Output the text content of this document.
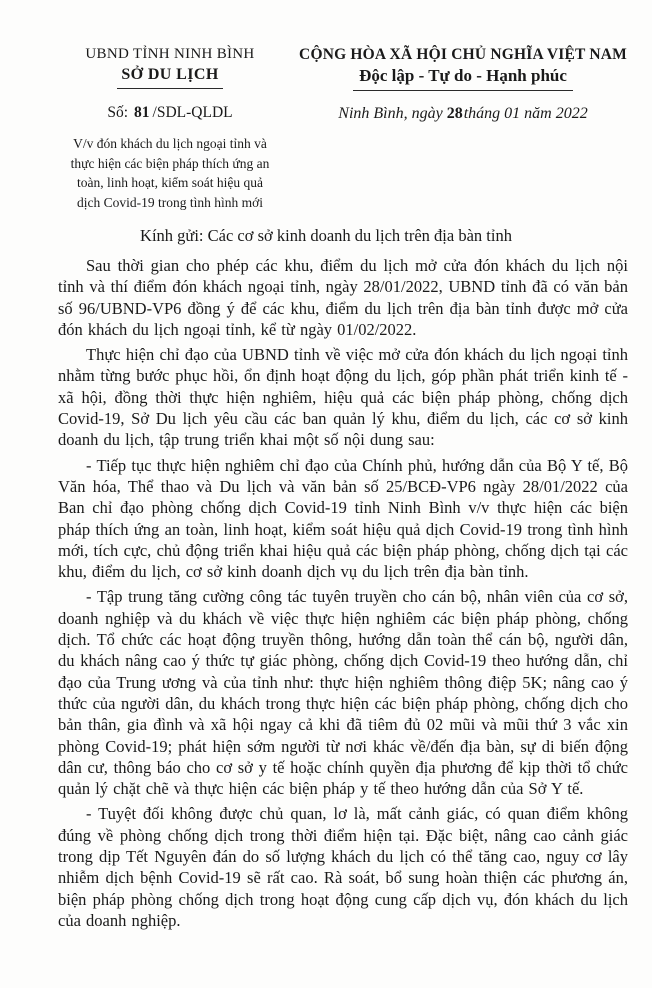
UBND TỈNH NINH BÌNH
SỞ DU LỊCH
Số: 81 /SDL-QLDL
V/v đón khách du lịch ngoại tỉnh và
thực hiện các biện pháp thích ứng an
toàn, linh hoạt, kiểm soát hiệu quả
dịch Covid-19 trong tình hình mới
CỘNG HÒA XÃ HỘI CHỦ NGHĨA VIỆT NAM
Độc lập - Tự do - Hạnh phúc
Ninh Bình, ngày 28tháng 01 năm 2022
Kính gửi: Các cơ sở kinh doanh du lịch trên địa bàn tỉnh
Sau thời gian cho phép các khu, điểm du lịch mở cửa đón khách du lịch nội tỉnh và thí điểm đón khách ngoại tỉnh, ngày 28/01/2022, UBND tỉnh đã có văn bản số 96/UBND-VP6 đồng ý để các khu, điểm du lịch trên địa bàn tỉnh được mở cửa đón khách du lịch ngoại tỉnh, kể từ ngày 01/02/2022.
Thực hiện chỉ đạo của UBND tỉnh về việc mở cửa đón khách du lịch ngoại tỉnh nhằm từng bước phục hồi, ổn định hoạt động du lịch, góp phần phát triển kinh tế - xã hội, đồng thời thực hiện nghiêm, hiệu quả các biện pháp phòng, chống dịch Covid-19, Sở Du lịch yêu cầu các ban quản lý khu, điểm du lịch, các cơ sở kinh doanh du lịch, tập trung triển khai một số nội dung sau:
- Tiếp tục thực hiện nghiêm chỉ đạo của Chính phủ, hướng dẫn của Bộ Y tế, Bộ Văn hóa, Thể thao và Du lịch và văn bản số 25/BCĐ-VP6 ngày 28/01/2022 của Ban chỉ đạo phòng chống dịch Covid-19 tỉnh Ninh Bình v/v thực hiện các biện pháp thích ứng an toàn, linh hoạt, kiểm soát hiệu quả dịch Covid-19 trong tình hình mới, tích cực, chủ động triển khai hiệu quả các biện pháp phòng, chống dịch tại các khu, điểm du lịch, cơ sở kinh doanh dịch vụ du lịch trên địa bàn tỉnh.
- Tập trung tăng cường công tác tuyên truyền cho cán bộ, nhân viên của cơ sở, doanh nghiệp và du khách về việc thực hiện nghiêm các biện pháp phòng, chống dịch. Tổ chức các hoạt động truyền thông, hướng dẫn toàn thể cán bộ, người dân, du khách nâng cao ý thức tự giác phòng, chống dịch Covid-19 theo hướng dẫn, chỉ đạo của Trung ương và của tỉnh như: thực hiện nghiêm thông điệp 5K; nâng cao ý thức của người dân, du khách trong thực hiện các biện pháp phòng, chống dịch cho bản thân, gia đình và xã hội ngay cả khi đã tiêm đủ 02 mũi và mũi thứ 3 vắc xin phòng Covid-19; phát hiện sớm người từ nơi khác về/đến địa bàn, sự di biến động dân cư, thông báo cho cơ sở y tế hoặc chính quyền địa phương để kịp thời tổ chức quản lý chặt chẽ và thực hiện các biện pháp y tế theo hướng dẫn của Sở Y tế.
- Tuyệt đối không được chủ quan, lơ là, mất cảnh giác, có quan điểm không đúng về phòng chống dịch trong thời điểm hiện tại. Đặc biệt, nâng cao cảnh giác trong dịp Tết Nguyên đán do số lượng khách du lịch có thể tăng cao, nguy cơ lây nhiễm dịch bệnh Covid-19 sẽ rất cao. Rà soát, bổ sung hoàn thiện các phương án, biện pháp phòng chống dịch trong hoạt động cung cấp dịch vụ, đón khách du lịch của doanh nghiệp.
